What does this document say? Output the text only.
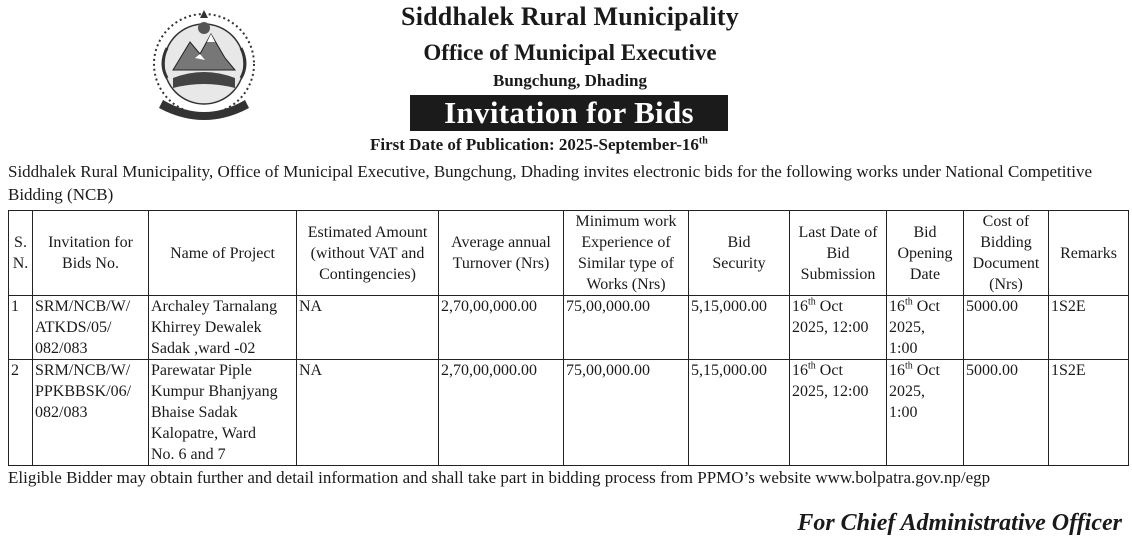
Siddhalek Rural Municipality
Office of Municipal Executive
Bungchung, Dhading
Invitation for Bids
First Date of Publication: 2025-September-16th
Siddhalek Rural Municipality, Office of Municipal Executive, Bungchung, Dhading invites electronic bids for the following works under National Competitive Bidding (NCB)
S.
N.	Invitation for
Bids No.	Name of Project	Estimated Amount
(without VAT and
Contingencies)	Average annual
Turnover (Nrs)	Minimum work
Experience of
Similar type of
Works (Nrs)	Bid
Security	Last Date of
Bid
Submission	Bid
Opening
Date	Cost of
Bidding
Document
(Nrs)	Remarks
1	SRM/NCB/W/
ATKDS/05/
082/083	Archaley Tarnalang
Khirrey Dewalek
Sadak ,ward -02	NA	2,70,00,000.00	75,00,000.00	5,15,000.00	16th Oct
2025, 12:00	16th Oct
2025,
1:00	5000.00	1S2E
2	SRM/NCB/W/
PPKBBSK/06/
082/083	Parewatar Piple
Kumpur Bhanjyang
Bhaise Sadak
Kalopatre, Ward
No. 6 and 7	NA	2,70,00,000.00	75,00,000.00	5,15,000.00	16th Oct
2025, 12:00	16th Oct
2025,
1:00	5000.00	1S2E
Eligible Bidder may obtain further and detail information and shall take part in bidding process from PPMO’s website www.bolpatra.gov.np/egp
For Chief Administrative Officer
